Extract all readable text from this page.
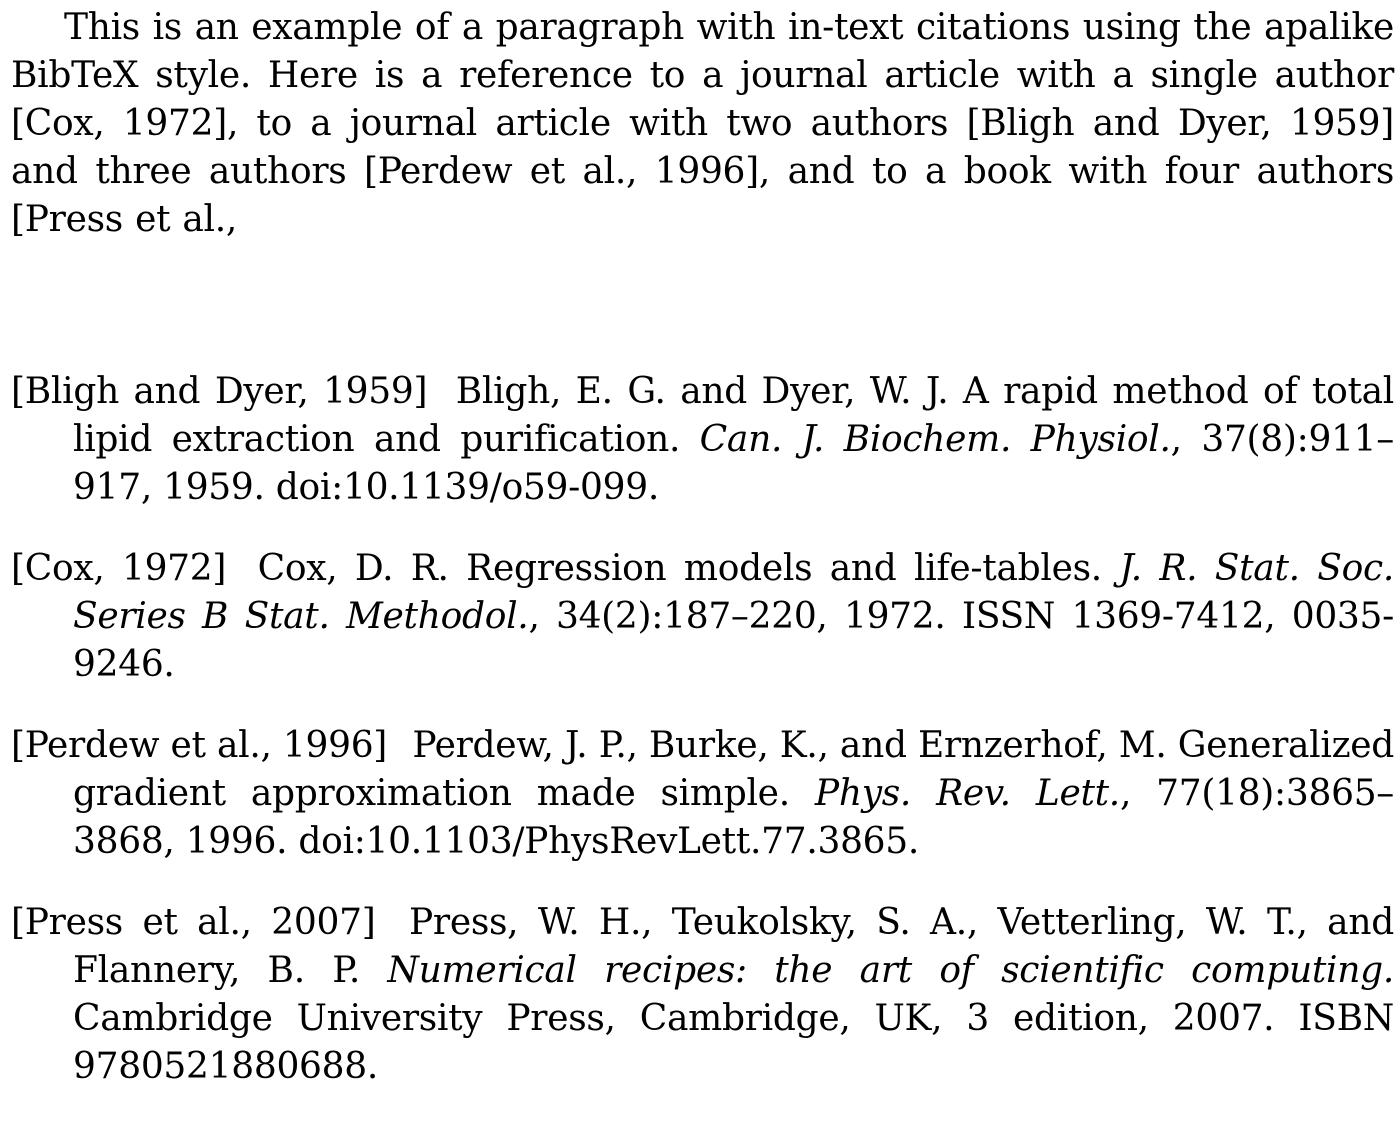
This is an example of a paragraph with in-text citations using the apalike BibTeX style. Here is a reference to a journal article with a single author [Cox, 1972], to a journal article with two authors [Bligh and Dyer, 1959] and three authors [Perdew et al., 1996], and to a book with four authors [Press et al.,

[Bligh and Dyer, 1959] Bligh, E. G. and Dyer, W. J. A rapid method of total lipid extraction and purification. Can. J. Biochem. Physiol., 37(8):911–917, 1959. doi:10.1139/o59-099.

[Cox, 1972] Cox, D. R. Regression models and life-tables. J. R. Stat. Soc. Series B Stat. Methodol., 34(2):187–220, 1972. ISSN 1369-7412, 0035-9246.

[Perdew et al., 1996] Perdew, J. P., Burke, K., and Ernzerhof, M. Generalized gradient approximation made simple. Phys. Rev. Lett., 77(18):3865–3868, 1996. doi:10.1103/PhysRevLett.77.3865.

[Press et al., 2007] Press, W. H., Teukolsky, S. A., Vetterling, W. T., and Flannery, B. P. Numerical recipes: the art of scientific computing. Cambridge University Press, Cambridge, UK, 3 edition, 2007. ISBN 9780521880688.
